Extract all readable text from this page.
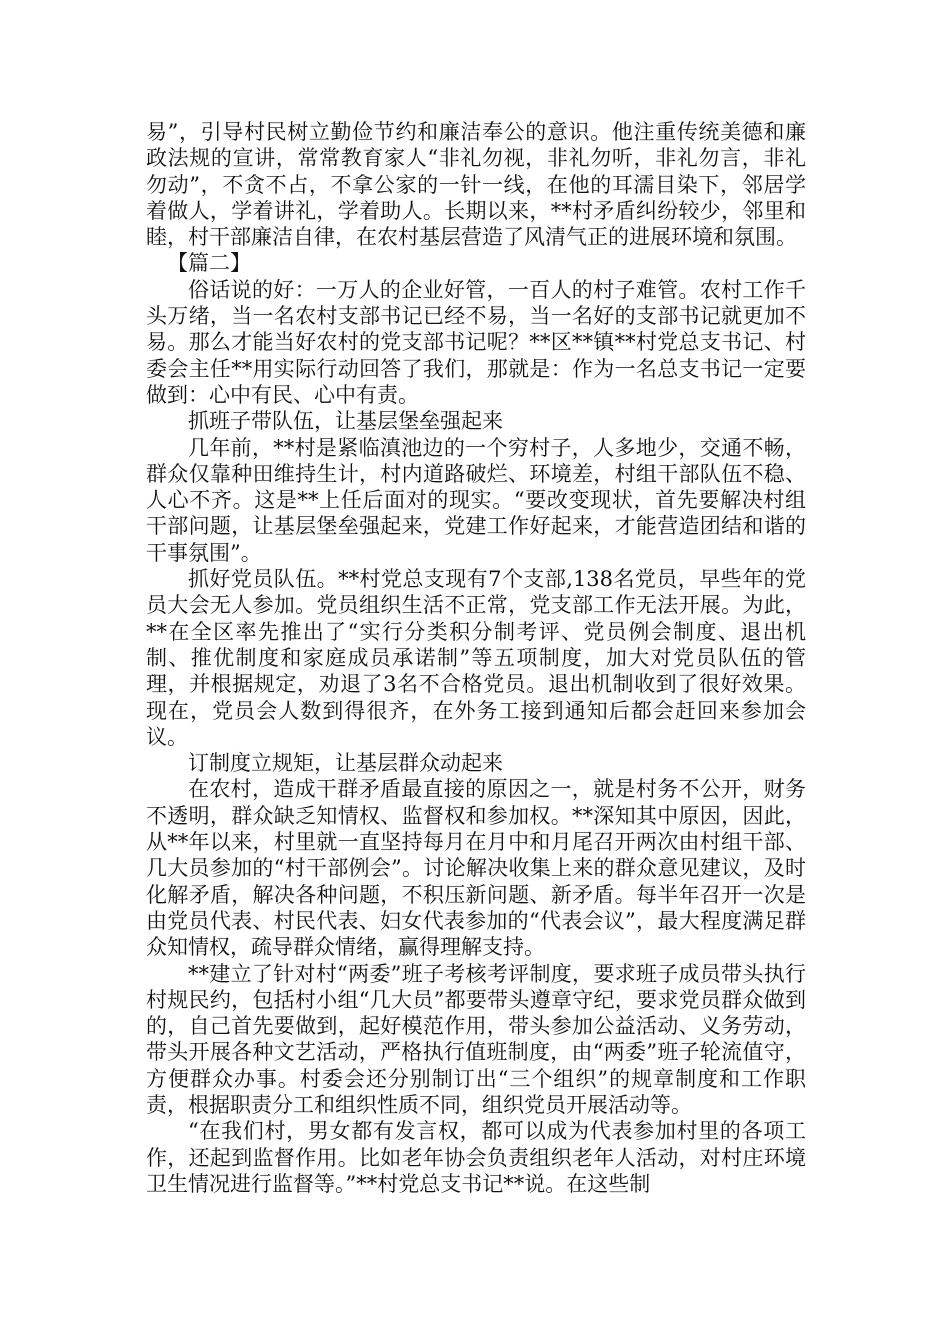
易”，引导村民树立勤俭节约和廉洁奉公的意识。他注重传统美德和廉政法规的宣讲，常常教育家人“非礼勿视，非礼勿听，非礼勿言，非礼勿动”，不贪不占，不拿公家的一针一线，在他的耳濡目染下，邻居学着做人，学着讲礼，学着助人。长期以来，**村矛盾纠纷较少，邻里和睦，村干部廉洁自律，在农村基层营造了风清气正的进展环境和氛围。

【篇二】

俗话说的好：一万人的企业好管，一百人的村子难管。农村工作千头万绪，当一名农村支部书记已经不易，当一名好的支部书记就更加不易。那么才能当好农村的党支部书记呢？**区**镇**村党总支书记、村委会主任**用实际行动回答了我们，那就是：作为一名总支书记一定要做到：心中有民、心中有责。

抓班子带队伍，让基层堡垒强起来

几年前，**村是紧临滇池边的一个穷村子，人多地少，交通不畅，群众仅靠种田维持生计，村内道路破烂、环境差，村组干部队伍不稳、人心不齐。这是**上任后面对的现实。“要改变现状，首先要解决村组干部问题，让基层堡垒强起来，党建工作好起来，才能营造团结和谐的干事氛围”。

抓好党员队伍。**村党总支现有7个支部,138名党员，早些年的党员大会无人参加。党员组织生活不正常，党支部工作无法开展。为此，**在全区率先推出了“实行分类积分制考评、党员例会制度、退出机制、推优制度和家庭成员承诺制”等五项制度，加大对党员队伍的管理，并根据规定，劝退了3名不合格党员。退出机制收到了很好效果。现在，党员会人数到得很齐，在外务工接到通知后都会赶回来参加会议。

订制度立规矩，让基层群众动起来

在农村，造成干群矛盾最直接的原因之一，就是村务不公开，财务不透明，群众缺乏知情权、监督权和参加权。**深知其中原因，因此，从**年以来，村里就一直坚持每月在月中和月尾召开两次由村组干部、几大员参加的“村干部例会”。讨论解决收集上来的群众意见建议，及时化解矛盾，解决各种问题，不积压新问题、新矛盾。每半年召开一次是由党员代表、村民代表、妇女代表参加的“代表会议”，最大程度满足群众知情权，疏导群众情绪，赢得理解支持。

**建立了针对村“两委”班子考核考评制度，要求班子成员带头执行村规民约，包括村小组“几大员”都要带头遵章守纪，要求党员群众做到的，自己首先要做到，起好模范作用，带头参加公益活动、义务劳动，带头开展各种文艺活动，严格执行值班制度，由“两委”班子轮流值守，方便群众办事。村委会还分别制订出“三个组织”的规章制度和工作职责，根据职责分工和组织性质不同，组织党员开展活动等。

“在我们村，男女都有发言权，都可以成为代表参加村里的各项工作，还起到监督作用。比如老年协会负责组织老年人活动，对村庄环境卫生情况进行监督等。”**村党总支书记**说。在这些制
